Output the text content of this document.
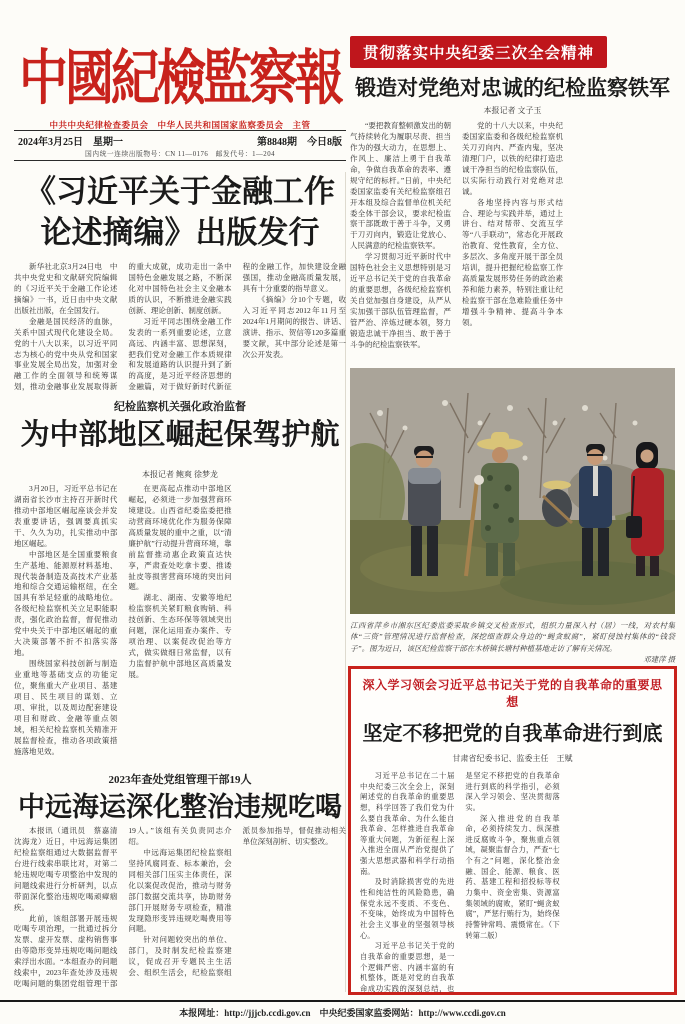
中國紀檢監察報
中共中央纪律检查委员会　中华人民共和国国家监察委员会　主管
2024年3月25日　星期一	第8848期　今日8版
国内统一连续出版物号：CN 11—0176　邮发代号：1—204
《习近平关于金融工作
论述摘编》出版发行

新华社北京3月24日电　中共中央党史和文献研究院编辑的《习近平关于金融工作论述摘编》一书，近日由中央文献出版社出版，在全国发行。

金融是国民经济的血脉，关系中国式现代化建设全局。党的十八大以来，以习近平同志为核心的党中央从党和国家事业发展全局出发，加强对金融工作的全面领导和统筹谋划，推动金融事业发展取得新的重大成就，成功走出一条中国特色金融发展之路，不断深化对中国特色社会主义金融本质的认识，不断推进金融实践创新、理论创新、制度创新。

习近平同志围绕金融工作发表的一系列重要论述，立意高远、内涵丰富、思想深刻，把我们党对金融工作本质规律和发展道路的认识提升到了新的高度，是习近平经济思想的金融篇，对于做好新时代新征程的金融工作，加快建设金融强国，推动金融高质量发展，具有十分重要的指导意义。

《摘编》分10个专题，收入习近平同志2012年11月至2024年1月期间的报告、讲话、演讲、指示、贺信等120多篇重要文献，其中部分论述是第一次公开发表。

纪检监察机关强化政治监督
为中部地区崛起保驾护航
本报记者 鲍爽 徐梦龙

3月20日，习近平总书记在湖南省长沙市主持召开新时代推动中部地区崛起座谈会并发表重要讲话，强调要真抓实干、久久为功，扎实推动中部地区崛起。

中部地区是全国重要粮食生产基地、能源原材料基地、现代装备制造及高技术产业基地和综合交通运输枢纽，在全国具有举足轻重的战略地位。各级纪检监察机关立足职能职责，强化政治监督，督促推动党中央关于中部地区崛起的重大决策部署不折不扣落实落地。

围绕国家科技创新与制造业重地等基础支点的功能定位，聚焦重大产业项目、基建项目、民生项目的谋划、立项、审批，以及周边配套建设项目和财政、金融等重点领域，相关纪检监察机关精准开展监督检查，推动各项政策措施落地见效。

在更高起点推动中部地区崛起，必须进一步加强营商环境建设。山西省纪委监委把推动营商环境优化作为服务保障高质量发展的重中之重，以“清廉护航”行动提升营商环境，靠前监督推动惠企政策直达快享，严肃查处吃拿卡要、推诿扯皮等损害营商环境的突出问题。

湖北、湖南、安徽等地纪检监察机关紧盯粮食购销、科技创新、生态环保等领域突出问题，深化运用查办案件、专项治理、以案促改促治等方式，做实做细日常监督，以有力监督护航中部地区高质量发展。

2023年查处党组管理干部19人
中远海运深化整治违规吃喝

本报讯（通讯员　蔡嘉清　沈海龙）近日，中远海运集团纪检监察组通过大数据监督平台进行线索串联比对，对第二轮违规吃喝专项整治中发现的问题线索进行分析研判，以点带面深化整治违规吃喝顽瘴痼疾。

此前，该组部署开展违规吃喝专项治理，一批通过拆分发票、虚开发票、虚构销售事由等隐形变异违规吃喝问题线索浮出水面。“本组查办的问题线索中，2023年查处涉及违规吃喝问题的集团党组管理干部19人。”该组有关负责同志介绍。

中远海运集团纪检监察组坚持风腐同查、标本兼治，会同相关部门压实主体责任，深化以案促改促治，推动与财务部门数据交流共享，协助财务部门开展财务专项检查，精准发现隐形变异违规吃喝费用等问题。

针对问题较突出的单位、部门，及时制发纪检监察建议，促成召开专题民主生活会、组织生活会，纪检监察组派员参加指导，督促推动相关单位深刻剖析、切实整改。

贯彻落实中央纪委三次全会精神
锻造对党绝对忠诚的纪检监察铁军
本报记者 文子玉

“要把教育整顿激发出的朝气持续转化为履职尽责、担当作为的强大动力，在思想上、作风上、廉洁上勇于自我革命，争做自我革命的表率、遵规守纪的标杆。”日前，中央纪委国家监委有关纪检监察组召开本组及综合监督单位机关纪委全体干部会议，要求纪检监察干部既敢于善于斗争，又勇于刀刃向内，锻造让党放心、人民满意的纪检监察铁军。

学习贯彻习近平新时代中国特色社会主义思想特别是习近平总书记关于党的自我革命的重要思想，各级纪检监察机关自觉加强自身建设，从严从实加强干部队伍管理监督，严管严治、淬炼过硬本领，努力锻造忠诚干净担当、敢于善于斗争的纪检监察铁军。

党的十八大以来，中央纪委国家监委和各级纪检监察机关刀刃向内、严查内鬼，坚决清理门户，以铁的纪律打造忠诚干净担当的纪检监察队伍，以实际行动践行对党绝对忠诚。

各地坚持内容与形式结合、理论与实践并举，通过上讲台、结对帮带、交流互学等“八手联动”，常态化开展政治教育、党性教育，全方位、多层次、多角度开展干部全员培训，提升把握纪检监察工作高质量发展形势任务的政治素养和能力素养，特别注重让纪检监察干部在急难险重任务中增强斗争精神、提高斗争本领。

江西省萍乡市湘东区纪委监委采取乡镇交叉检查形式，组织力量深入村（居）一线，对农村集体“三资”管理情况进行监督检查，深挖细查群众身边的“蝇贪蚁腐”，紧盯侵蚀村集体的“钱袋子”。图为近日，该区纪检监察干部在木桥镇长塘村种植基地走访了解有关情况。
邓建萍 摄
深入学习领会习近平总书记关于党的自我革命的重要思想
坚定不移把党的自我革命进行到底
甘肃省纪委书记、监委主任　王赋

习近平总书记在二十届中央纪委三次全会上，深刻阐述党的自我革命的重要思想，科学回答了我们党为什么要自我革命、为什么能自我革命、怎样推进自我革命等重大问题，为新征程上深入推进全面从严治党提供了强大思想武器和科学行动指南。

及时消除损害党的先进性和纯洁性的风险隐患，确保党永远不变质、不变色、不变味，始终成为中国特色社会主义事业的坚强领导核心。

习近平总书记关于党的自我革命的重要思想，是一个逻辑严密、内涵丰富的有机整体，既是对党的自我革命成功实践的深刻总结，也是坚定不移把党的自我革命进行到底的科学指引，必须深入学习领会、坚决贯彻落实。

深入推进党的自我革命，必须持续发力、纵深推进反腐败斗争，聚焦重点领域，凝聚监督合力，严查“七个有之”问题，深化整治金融、国企、能源、粮食、医药、基建工程和招投标等权力集中、资金密集、资源富集领域的腐败，紧盯“蝇贪蚁腐”，严惩行贿行为，始终保持警钟常鸣、震慑常在。（下转第二版）

本报网址：http://jjjcb.ccdi.gov.cn　中央纪委国家监委网站：http://www.ccdi.gov.cn
